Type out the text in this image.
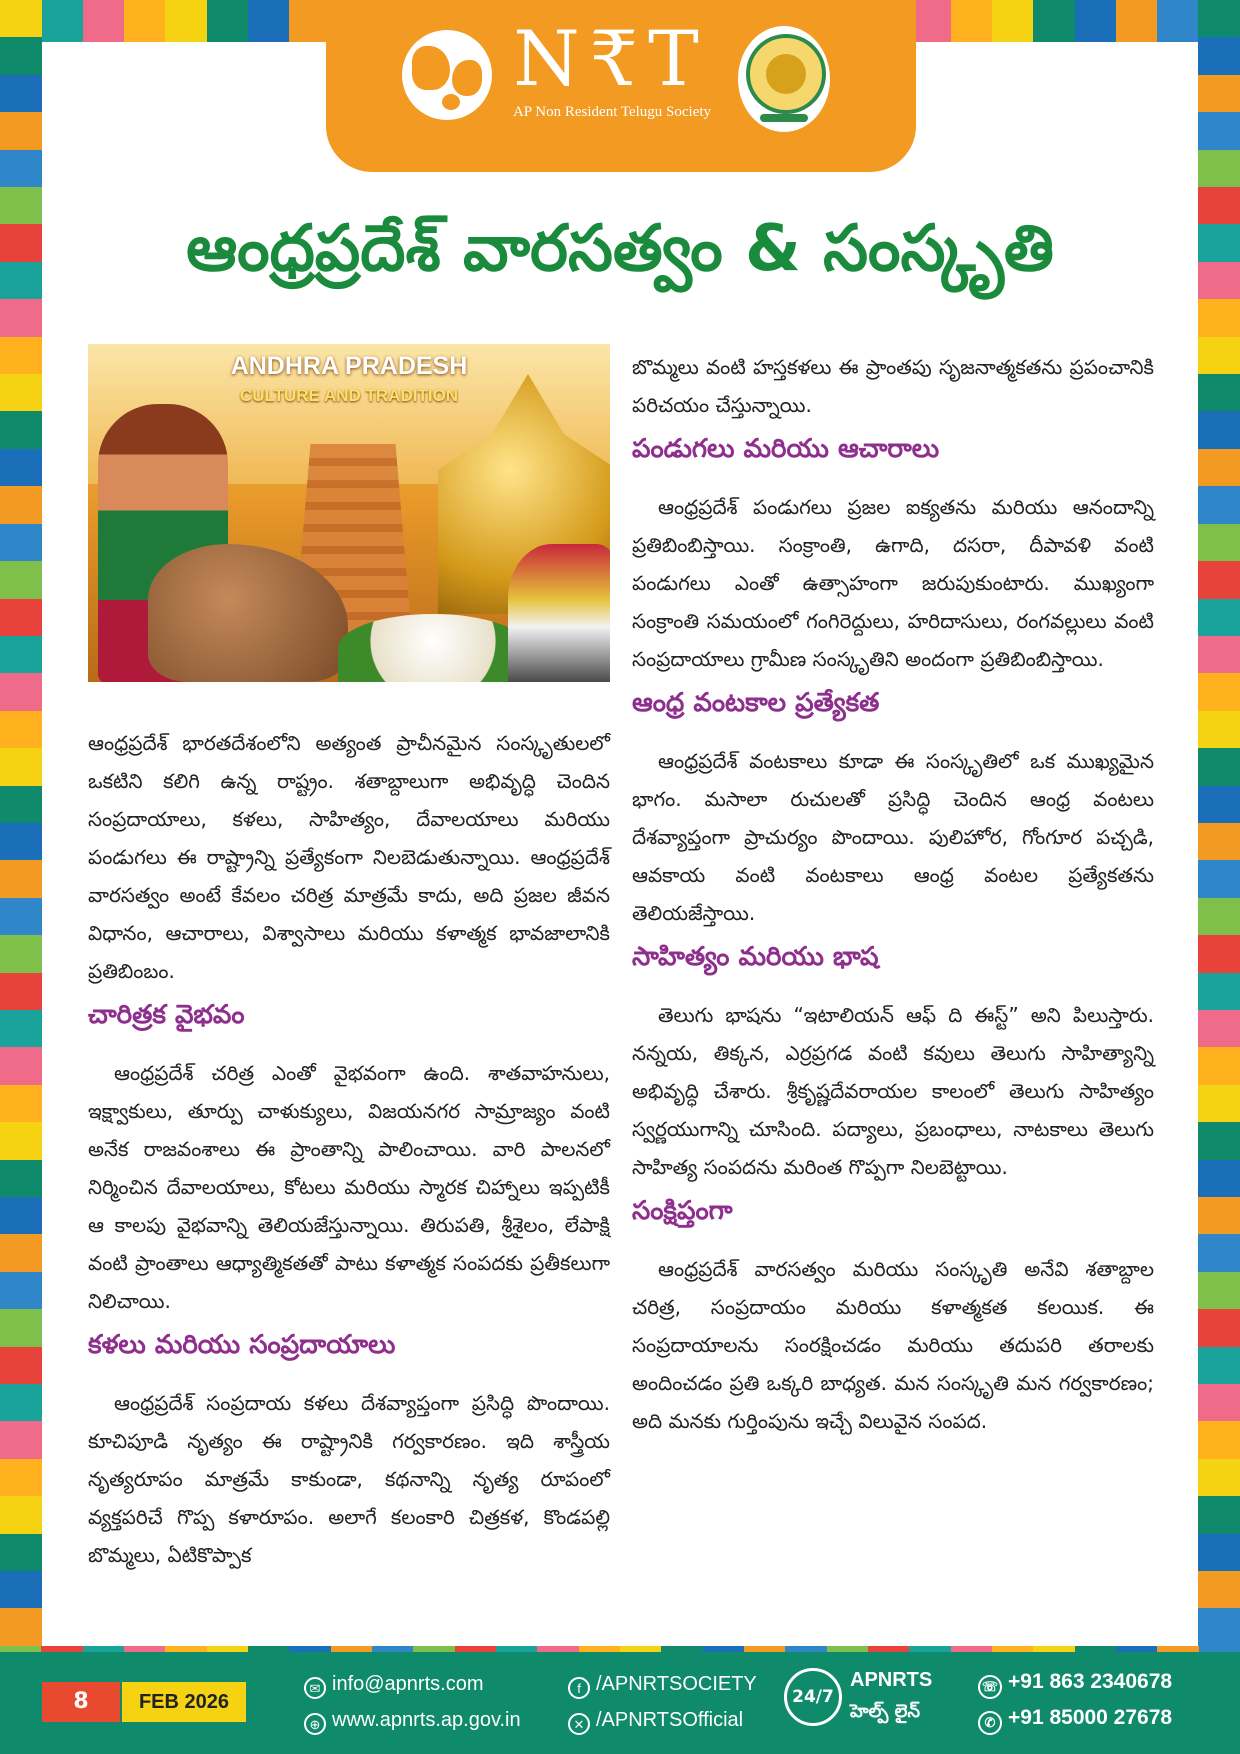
N₹T
AP Non Resident Telugu Society
ఆంధ్రప్రదేశ్ వారసత్వం & సంస్కృతి
ANDHRA PRADESH
CULTURE AND TRADITION

ఆంధ్రప్రదేశ్ భారతదేశంలోని అత్యంత ప్రాచీనమైన సంస్కృతులలో ఒకటిని కలిగి ఉన్న రాష్ట్రం. శతాబ్దాలుగా అభివృద్ధి చెందిన సంప్రదాయాలు, కళలు, సాహిత్యం, దేవాలయాలు మరియు పండుగలు ఈ రాష్ట్రాన్ని ప్రత్యేకంగా నిలబెడుతున్నాయి. ఆంధ్రప్రదేశ్ వారసత్వం అంటే కేవలం చరిత్ర మాత్రమే కాదు, అది ప్రజల జీవన విధానం, ఆచారాలు, విశ్వాసాలు మరియు కళాత్మక భావజాలానికి ప్రతిబింబం.

చారిత్రక వైభవం

ఆంధ్రప్రదేశ్ చరిత్ర ఎంతో వైభవంగా ఉంది. శాతవాహనులు, ఇక్ష్వాకులు, తూర్పు చాళుక్యులు, విజయనగర సామ్రాజ్యం వంటి అనేక రాజవంశాలు ఈ ప్రాంతాన్ని పాలించాయి. వారి పాలనలో నిర్మించిన దేవాలయాలు, కోటలు మరియు స్మారక చిహ్నాలు ఇప్పటికీ ఆ కాలపు వైభవాన్ని తెలియజేస్తున్నాయి. తిరుపతి, శ్రీశైలం, లేపాక్షి వంటి ప్రాంతాలు ఆధ్యాత్మికతతో పాటు కళాత్మక సంపదకు ప్రతీకలుగా నిలిచాయి.

కళలు మరియు సంప్రదాయాలు

ఆంధ్రప్రదేశ్ సంప్రదాయ కళలు దేశవ్యాప్తంగా ప్రసిద్ధి పొందాయి. కూచిపూడి నృత్యం ఈ రాష్ట్రానికి గర్వకారణం. ఇది శాస్త్రీయ నృత్యరూపం మాత్రమే కాకుండా, కథనాన్ని నృత్య రూపంలో వ్యక్తపరిచే గొప్ప కళారూపం. అలాగే కలంకారి చిత్రకళ, కొండపల్లి బొమ్మలు, ఏటికొప్పాక

బొమ్మలు వంటి హస్తకళలు ఈ ప్రాంతపు సృజనాత్మకతను ప్రపంచానికి పరిచయం చేస్తున్నాయి.

పండుగలు మరియు ఆచారాలు

ఆంధ్రప్రదేశ్ పండుగలు ప్రజల ఐక్యతను మరియు ఆనందాన్ని ప్రతిబింబిస్తాయి. సంక్రాంతి, ఉగాది, దసరా, దీపావళి వంటి పండుగలు ఎంతో ఉత్సాహంగా జరుపుకుంటారు. ముఖ్యంగా సంక్రాంతి సమయంలో గంగిరెద్దులు, హరిదాసులు, రంగవల్లులు వంటి సంప్రదాయాలు గ్రామీణ సంస్కృతిని అందంగా ప్రతిబింబిస్తాయి.

ఆంధ్ర వంటకాల ప్రత్యేకత

ఆంధ్రప్రదేశ్ వంటకాలు కూడా ఈ సంస్కృతిలో ఒక ముఖ్యమైన భాగం. మసాలా రుచులతో ప్రసిద్ధి చెందిన ఆంధ్ర వంటలు దేశవ్యాప్తంగా ప్రాచుర్యం పొందాయి. పులిహోర, గోంగూర పచ్చడి, ఆవకాయ వంటి వంటకాలు ఆంధ్ర వంటల ప్రత్యేకతను తెలియజేస్తాయి.

సాహిత్యం మరియు భాష

తెలుగు భాషను “ఇటాలియన్ ఆఫ్ ది ఈస్ట్” అని పిలుస్తారు. నన్నయ, తిక్కన, ఎర్రప్రగడ వంటి కవులు తెలుగు సాహిత్యాన్ని అభివృద్ధి చేశారు. శ్రీకృష్ణదేవరాయల కాలంలో తెలుగు సాహిత్యం స్వర్ణయుగాన్ని చూసింది. పద్యాలు, ప్రబంధాలు, నాటకాలు తెలుగు సాహిత్య సంపదను మరింత గొప్పగా నిలబెట్టాయి.

సంక్షిప్తంగా

ఆంధ్రప్రదేశ్ వారసత్వం మరియు సంస్కృతి అనేవి శతాబ్దాల చరిత్ర, సంప్రదాయం మరియు కళాత్మకత కలయిక. ఈ సంప్రదాయాలను సంరక్షించడం మరియు తదుపరి తరాలకు అందించడం ప్రతి ఒక్కరి బాధ్యత. మన సంస్కృతి మన గర్వకారణం; అది మనకు గుర్తింపును ఇచ్చే విలువైన సంపద.

8	FEB 2026
✉ info@apnrts.com
⊕ www.apnrts.ap.gov.in
f /APNRTSOCIETY
✕ /APNRTSOfficial
24/7
APNRTS
హెల్ప్ లైన్
☏ +91 863 2340678
✆ +91 85000 27678
